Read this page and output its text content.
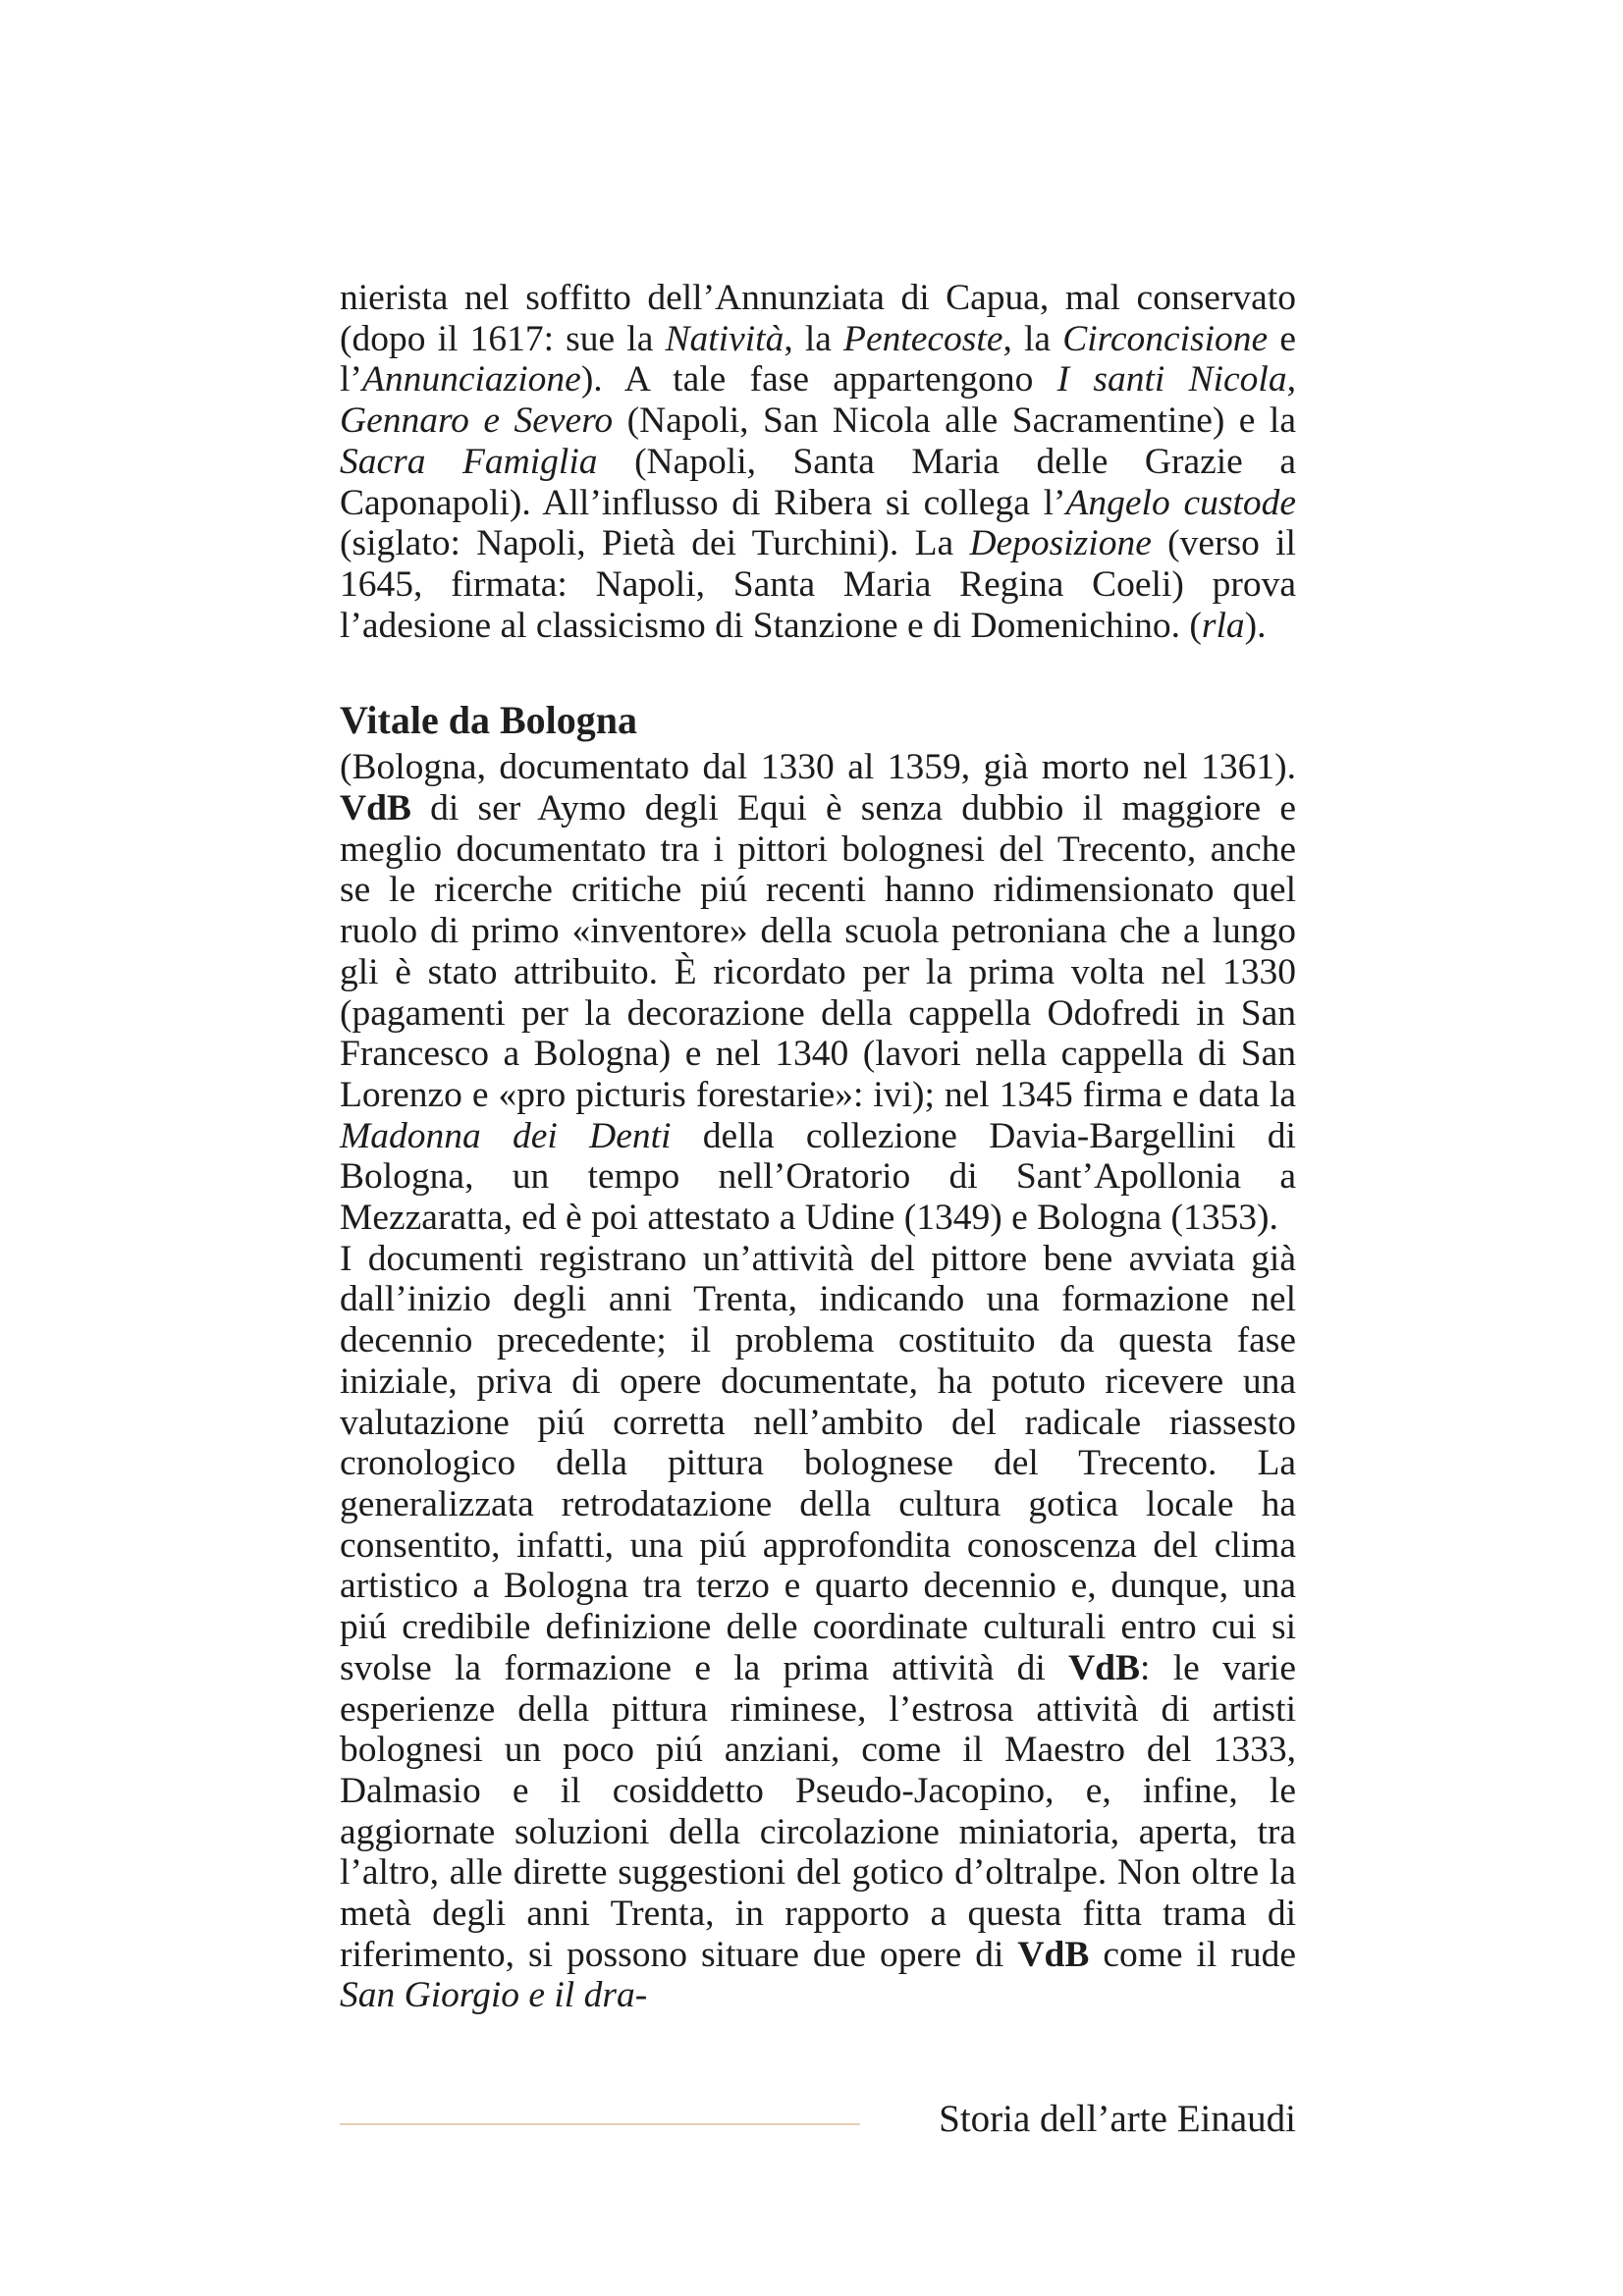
nierista nel soffitto dell’Annunziata di Capua, mal conservato (dopo il 1617: sue la Natività, la Pentecoste, la Circoncisione e l’Annunciazione). A tale fase appartengono I santi Nicola, Gennaro e Severo (Napoli, San Nicola alle Sacramentine) e la Sacra Famiglia (Napoli, Santa Maria delle Grazie a Caponapoli). All’influsso di Ribera si collega l’Angelo custode (siglato: Napoli, Pietà dei Turchini). La Deposizione (verso il 1645, firmata: Napoli, Santa Maria Regina Coeli) prova l’adesione al classicismo di Stanzione e di Domenichino. (rla).

Vitale da Bologna

(Bologna, documentato dal 1330 al 1359, già morto nel 1361). VdB di ser Aymo degli Equi è senza dubbio il maggiore e meglio documentato tra i pittori bolognesi del Trecento, anche se le ricerche critiche piú recenti hanno ridimensionato quel ruolo di primo «inventore» della scuola petroniana che a lungo gli è stato attribuito. È ricordato per la prima volta nel 1330 (pagamenti per la decorazione della cappella Odofredi in San Francesco a Bologna) e nel 1340 (lavori nella cappella di San Lorenzo e «pro picturis forestarie»: ivi); nel 1345 firma e data la Madonna dei Denti della collezione Davia-Bargellini di Bologna, un tempo nell’Oratorio di Sant’Apollonia a Mezzaratta, ed è poi attestato a Udine (1349) e Bologna (1353).

I documenti registrano un’attività del pittore bene avviata già dall’inizio degli anni Trenta, indicando una formazione nel decennio precedente; il problema costituito da questa fase iniziale, priva di opere documentate, ha potuto ricevere una valutazione piú corretta nell’ambito del radicale riassesto cronologico della pittura bolognese del Trecento. La generalizzata retrodatazione della cultura gotica locale ha consentito, infatti, una piú approfondita conoscenza del clima artistico a Bologna tra terzo e quarto decennio e, dunque, una piú credibile definizione delle coordinate culturali entro cui si svolse la formazione e la prima attività di VdB: le varie esperienze della pittura riminese, l’estrosa attività di artisti bolognesi un poco piú anziani, come il Maestro del 1333, Dalmasio e il cosiddetto Pseudo-Jacopino, e, infine, le aggiornate soluzioni della circolazione miniatoria, aperta, tra l’altro, alle dirette suggestioni del gotico d’oltralpe. Non oltre la metà degli anni Trenta, in rapporto a questa fitta trama di riferimento, si possono situare due opere di VdB come il rude San Giorgio e il dra-

Storia dell’arte Einaudi
